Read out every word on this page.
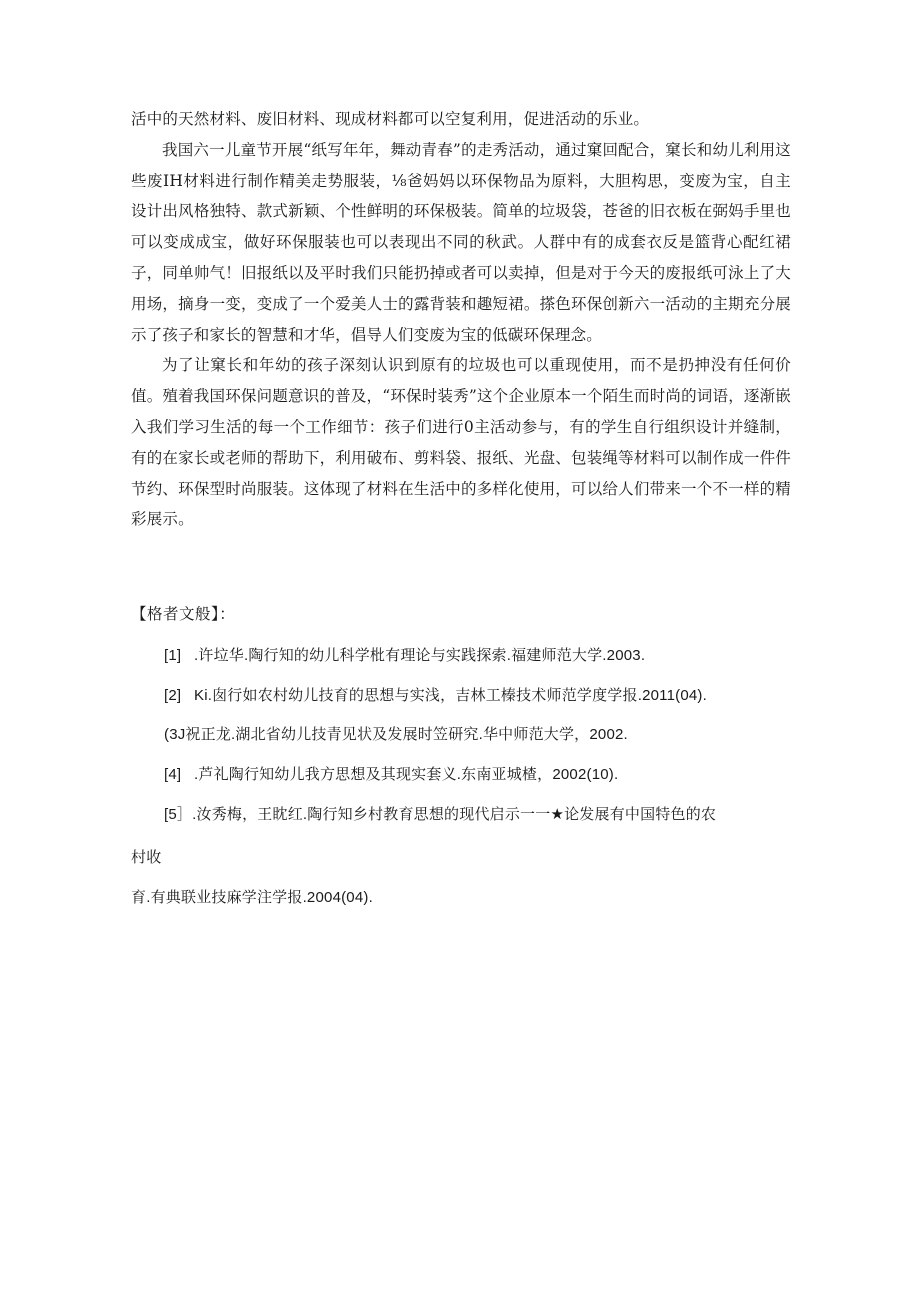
活中的天然材料、废旧材料、现成材料都可以空复利用，促进活动的乐业。

我国六一儿童节开展“纸写年年，舞动青春”的走秀活动，通过窠回配合，窠长和幼儿利用这些废IH材料进行制作精美走势服装，⅛爸妈妈以环保物品为原料，大胆构思，变废为宝，自主设计出风格独特、款式新颖、个性鲜明的环保极装。简单的垃圾袋，苍爸的旧衣板在弼妈手里也可以变成成宝，做好环保服装也可以表现出不同的秋武。人群中有的成套衣反是篮背心配红裙子，同单帅气！旧报纸以及平时我们只能扔掉或者可以卖掉，但是对于今天的废报纸可泳上了大用场，摘身一变，变成了一个爱美人士的露背装和趣短裙。搽色环保创新六一活动的主期充分展示了孩子和家长的智慧和才华，倡导人们变废为宝的低碳环保理念。

为了让窠长和年幼的孩子深刻认识到原有的垃圾也可以重现使用，而不是扔抻没有任何价值。殖着我国环保问题意识的普及，“环保时装秀”这个企业原本一个陌生而时尚的词语，逐渐嵌入我们学习生活的每一个工作细节：孩子们进行0主活动参与，有的学生自行组织设计并缝制，有的在家长或老师的帮助下，利用破布、剪料袋、报纸、光盘、包装绳等材料可以制作成一件件节约、环保型时尚服装。这体现了材料在生活中的多样化使用，可以给人们带来一个不一样的精彩展示。

【格者文般】：
[1] .许垃华.陶行知的幼儿科学枇有理论与实践探索.福建师范大学.2003.
[2] Ki.囱行如农村幼儿技育的思想与实浅，吉林工榛技术师范学度学报.2011(04).
(3J祝正龙.湖北省幼儿技青见状及发展时笠研究.华中师范大学，2002.
[4] .芦礼陶行知幼儿我方思想及其现实套义.东南亚城楂，2002(10).
[5］.汝秀梅，王眈红.陶行知乡村教育思想的现代启示一一★论发展有中国特色的农
村收
育.有典联业技麻学注学报.2004(04).
